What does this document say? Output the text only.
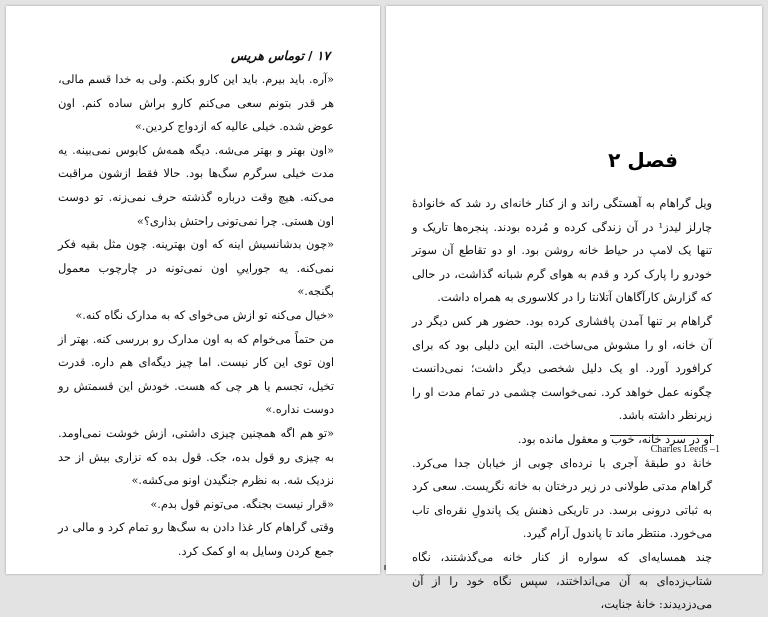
۱۷/توماس هریس

«آره. باید بیرم. باید این کارو بکنم. ولی به خدا قسم مالی، هر قدر بتونم سعی می‌کنم کارو براش ساده کنم. اون عوض شده. خیلی عالیه که ازدواج کردین.»

«اون بهتر و بهتر می‌شه. دیگه همه‌ش کابوس نمی‌بینه. یه مدت خیلی سرگرم سگ‌ها بود. حالا فقط ازشون مراقبت می‌کنه. هیچ وقت درباره گذشته حرف نمی‌زنه. تو دوست اون هستی. چرا نمی‌تونی راحتش بذاری؟»

«چون بدشانسیش اینه که اون بهترینه. چون مثل بقیه فکر نمی‌کنه. یه جوراییِ اون نمی‌تونه در چارچوب معمول بگنجه.»

«خیال می‌کنه تو ازش می‌خوای که به مدارک نگاه کنه.»

من حتماً می‌خوام که به اون مدارک رو بررسی کنه. بهتر از اون توی این کار نیست. اما چیز دیگه‌ای هم داره. قدرت تخیل، تجسم یا هر چی که هست. خودش این قسمتش رو دوست نداره.»

«تو هم اگه همچنین چیزی داشتی، ازش خوشت نمی‌اومد. به چیزی رو قول بده، جک. قول بده که نزاری بیش از حد نزدیک شه. به نظرم جنگیدن اونو می‌کشه.»

«قرار نیست بجنگه. می‌تونم قول بدم.»

وقتی گراهام کار غذا دادن به سگ‌ها رو تمام کرد و مالی در جمع کردن وسایل به او کمک کرد.

فصل ۲

ویل گراهام به آهستگی راند و از کنار خانه‌ای رد شد که خانوادهٔ چارلز لیدز¹ در آن زندگی کرده و مُرده بودند. پنجره‌ها تاریک و تنها یک لامپ در حیاط خانه روشن بود. او دو تقاطع آن سوتر خودرو را پارک کرد و قدم به هوای گرم شبانه گذاشت، در حالی که گزارش کارآگاهان آتلانتا را در کلاسوری به همراه داشت.

گراهام بر تنها آمدن پافشاری کرده بود. حضور هر کس دیگر در آن خانه، او را مشوش می‌ساخت. البته این دلیلی بود که برای کرافورد آورد. او یک دلیل شخصی دیگر داشت؛ نمی‌دانست چگونه عمل خواهد کرد. نمی‌خواست چشمی در تمام مدت او را زیرنظر داشته باشد.

او در سرد خانه، خوب و معقول مانده بود.

خانهٔ دو طبقهٔ آجری با نرده‌ای چوبی از خیابان جدا می‌کرد. گراهام مدتی طولانی در زیر درختان به خانه نگریست. سعی کرد به ثباتی درونی برسد. در تاریکی ذهنش یک پاندولِ نقره‌ای تاب می‌خورد. منتظر ماند تا پاندول آرام گیرد.

چند همسایه‌ای که سواره از کنار خانه می‌گذشتند، نگاه شتاب‌زده‌ای به آن می‌انداختند، سپس نگاه خود را از آن می‌دزدیدند: خانهٔ جنایت،

Charles Leeds –1
